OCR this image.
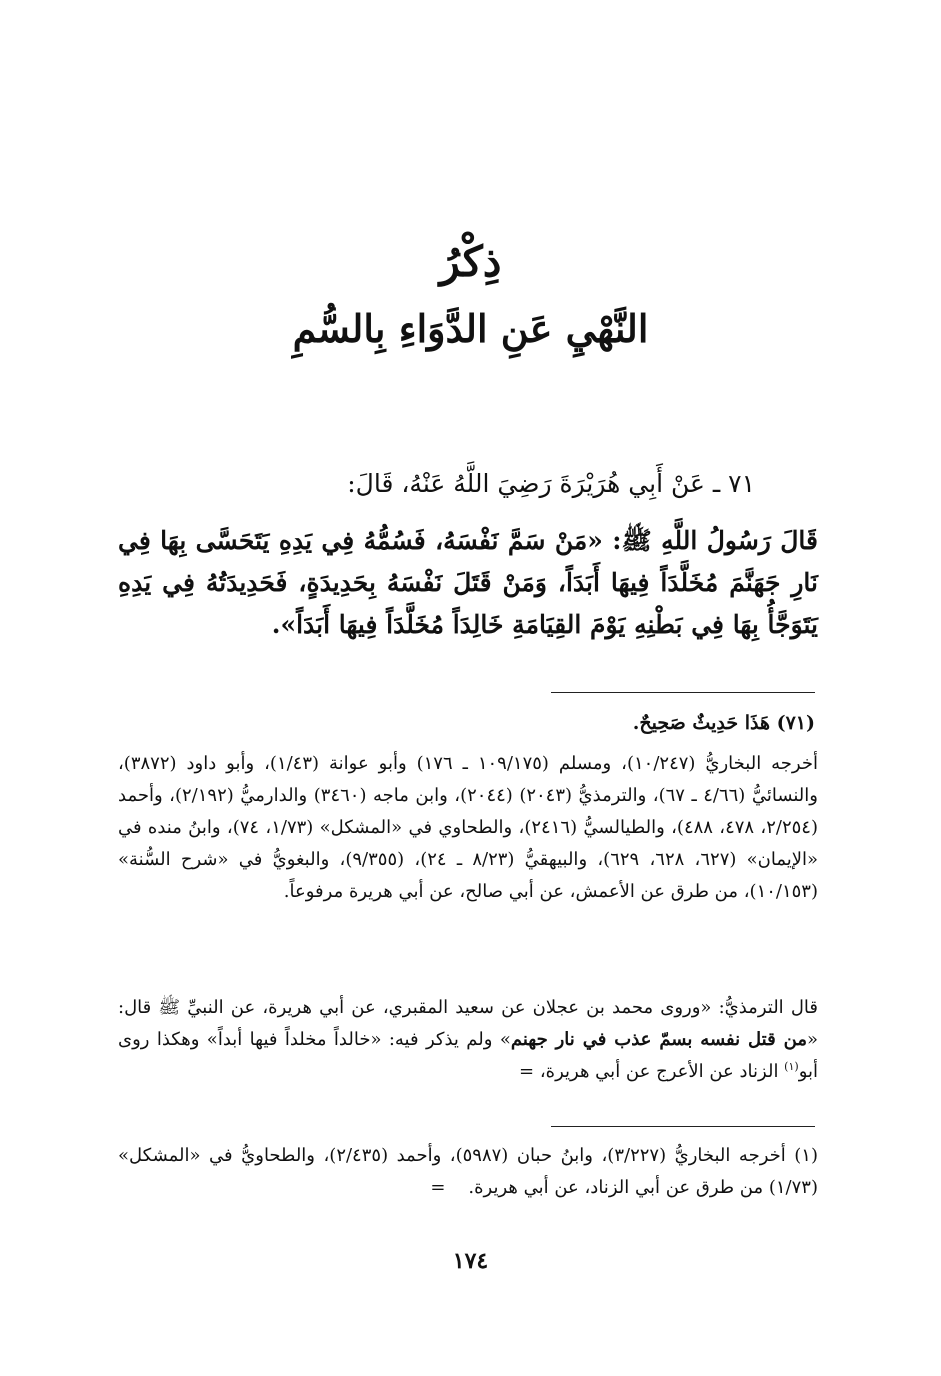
ذِكْرُ
النَّهْيِ عَنِ الدَّوَاءِ بِالسُّمِ
٧١ ـ عَنْ أَبِي هُرَيْرَةَ رَضِيَ اللَّهُ عَنْهُ، قَالَ:
قَالَ رَسُولُ اللَّهِ ﷺ: «مَنْ سَمَّ نَفْسَهُ، فَسُمُّهُ فِي يَدِهِ يَتَحَسَّى بِهَا فِي نَارِ جَهَنَّمَ مُخَلَّدَاً فِيهَا أَبَدَاً، وَمَنْ قَتَلَ نَفْسَهُ بِحَدِيدَةٍ، فَحَدِيدَتُهُ فِي يَدِهِ يَتَوَجَّأُ بِهَا فِي بَطْنِهِ يَوْمَ القِيَامَةِ خَالِدَاً مُخَلَّدَاً فِيهَا أَبَدَاً».
(٧١) هَذَا حَدِيثٌ صَحِيحٌ.
أخرجه البخاريُّ (١٠/٢٤٧)، ومسلم (١٠٩/١٧٥ ـ ١٧٦) وأبو عوانة (١/٤٣)، وأبو داود (٣٨٧٢)، والنسائيُّ (٤/٦٦ ـ ٦٧)، والترمذيُّ (٢٠٤٣) (٢٠٤٤)، وابن ماجه (٣٤٦٠) والدارميُّ (٢/١٩٢)، وأحمد (٢/٢٥٤، ٤٧٨، ٤٨٨)، والطيالسيُّ (٢٤١٦)، والطحاوي في «المشكل» (١/٧٣، ٧٤)، وابنُ منده في «الإيمان» (٦٢٧، ٦٢٨، ٦٢٩)، والبيهقيُّ (٨/٢٣ ـ ٢٤)، (٩/٣٥٥)، والبغويُّ في «شرح السُّنة» (١٠/١٥٣)، من طرق عن الأعمش، عن أبي صالح، عن أبي هريرة مرفوعاً.
قال الترمذيُّ: «وروى محمد بن عجلان عن سعيد المقبري، عن أبي هريرة، عن النبيِّ ﷺ قال: «من قتل نفسه بسمّ عذب في نار جهنم» ولم يذكر فيه: «خالداً مخلداً فيها أبداً» وهكذا روى أبو$^{(١)}$ الزناد عن الأعرج عن أبي هريرة، =
(١) أخرجه البخاريُّ (٣/٢٢٧)، وابنُ حبان (٥٩٨٧)، وأحمد (٢/٤٣٥)، والطحاويُّ في «المشكل» (١/٧٣) من طرق عن أبي الزناد، عن أبي هريرة.    =
١٧٤
